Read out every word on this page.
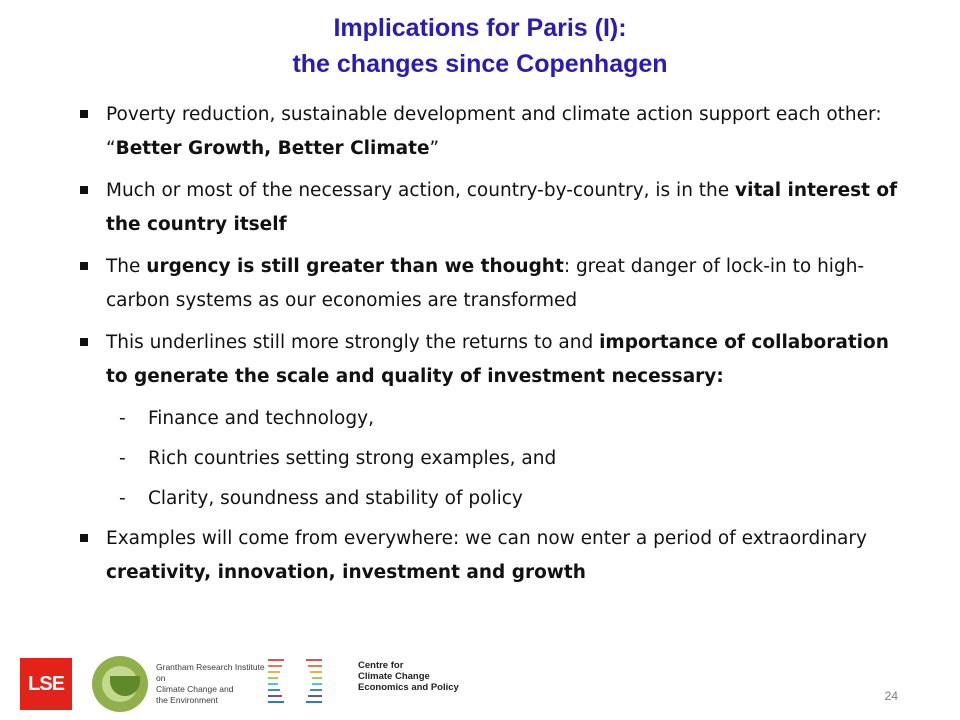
Implications for Paris (I):
the changes since Copenhagen
Poverty reduction, sustainable development and climate action support each other: “Better Growth, Better Climate”
Much or most of the necessary action, country-by-country, is in the vital interest of the country itself
The urgency is still greater than we thought: great danger of lock-in to high-carbon systems as our economies are transformed
This underlines still more strongly the returns to and importance of collaboration to generate the scale and quality of investment necessary:
- Finance and technology,
- Rich countries setting strong examples, and
- Clarity, soundness and stability of policy
Examples will come from everywhere: we can now enter a period of extraordinary creativity, innovation, investment and growth
LSE
Grantham Research Institute on
Climate Change and
the Environment
Centre for
Climate Change
Economics and Policy
24
